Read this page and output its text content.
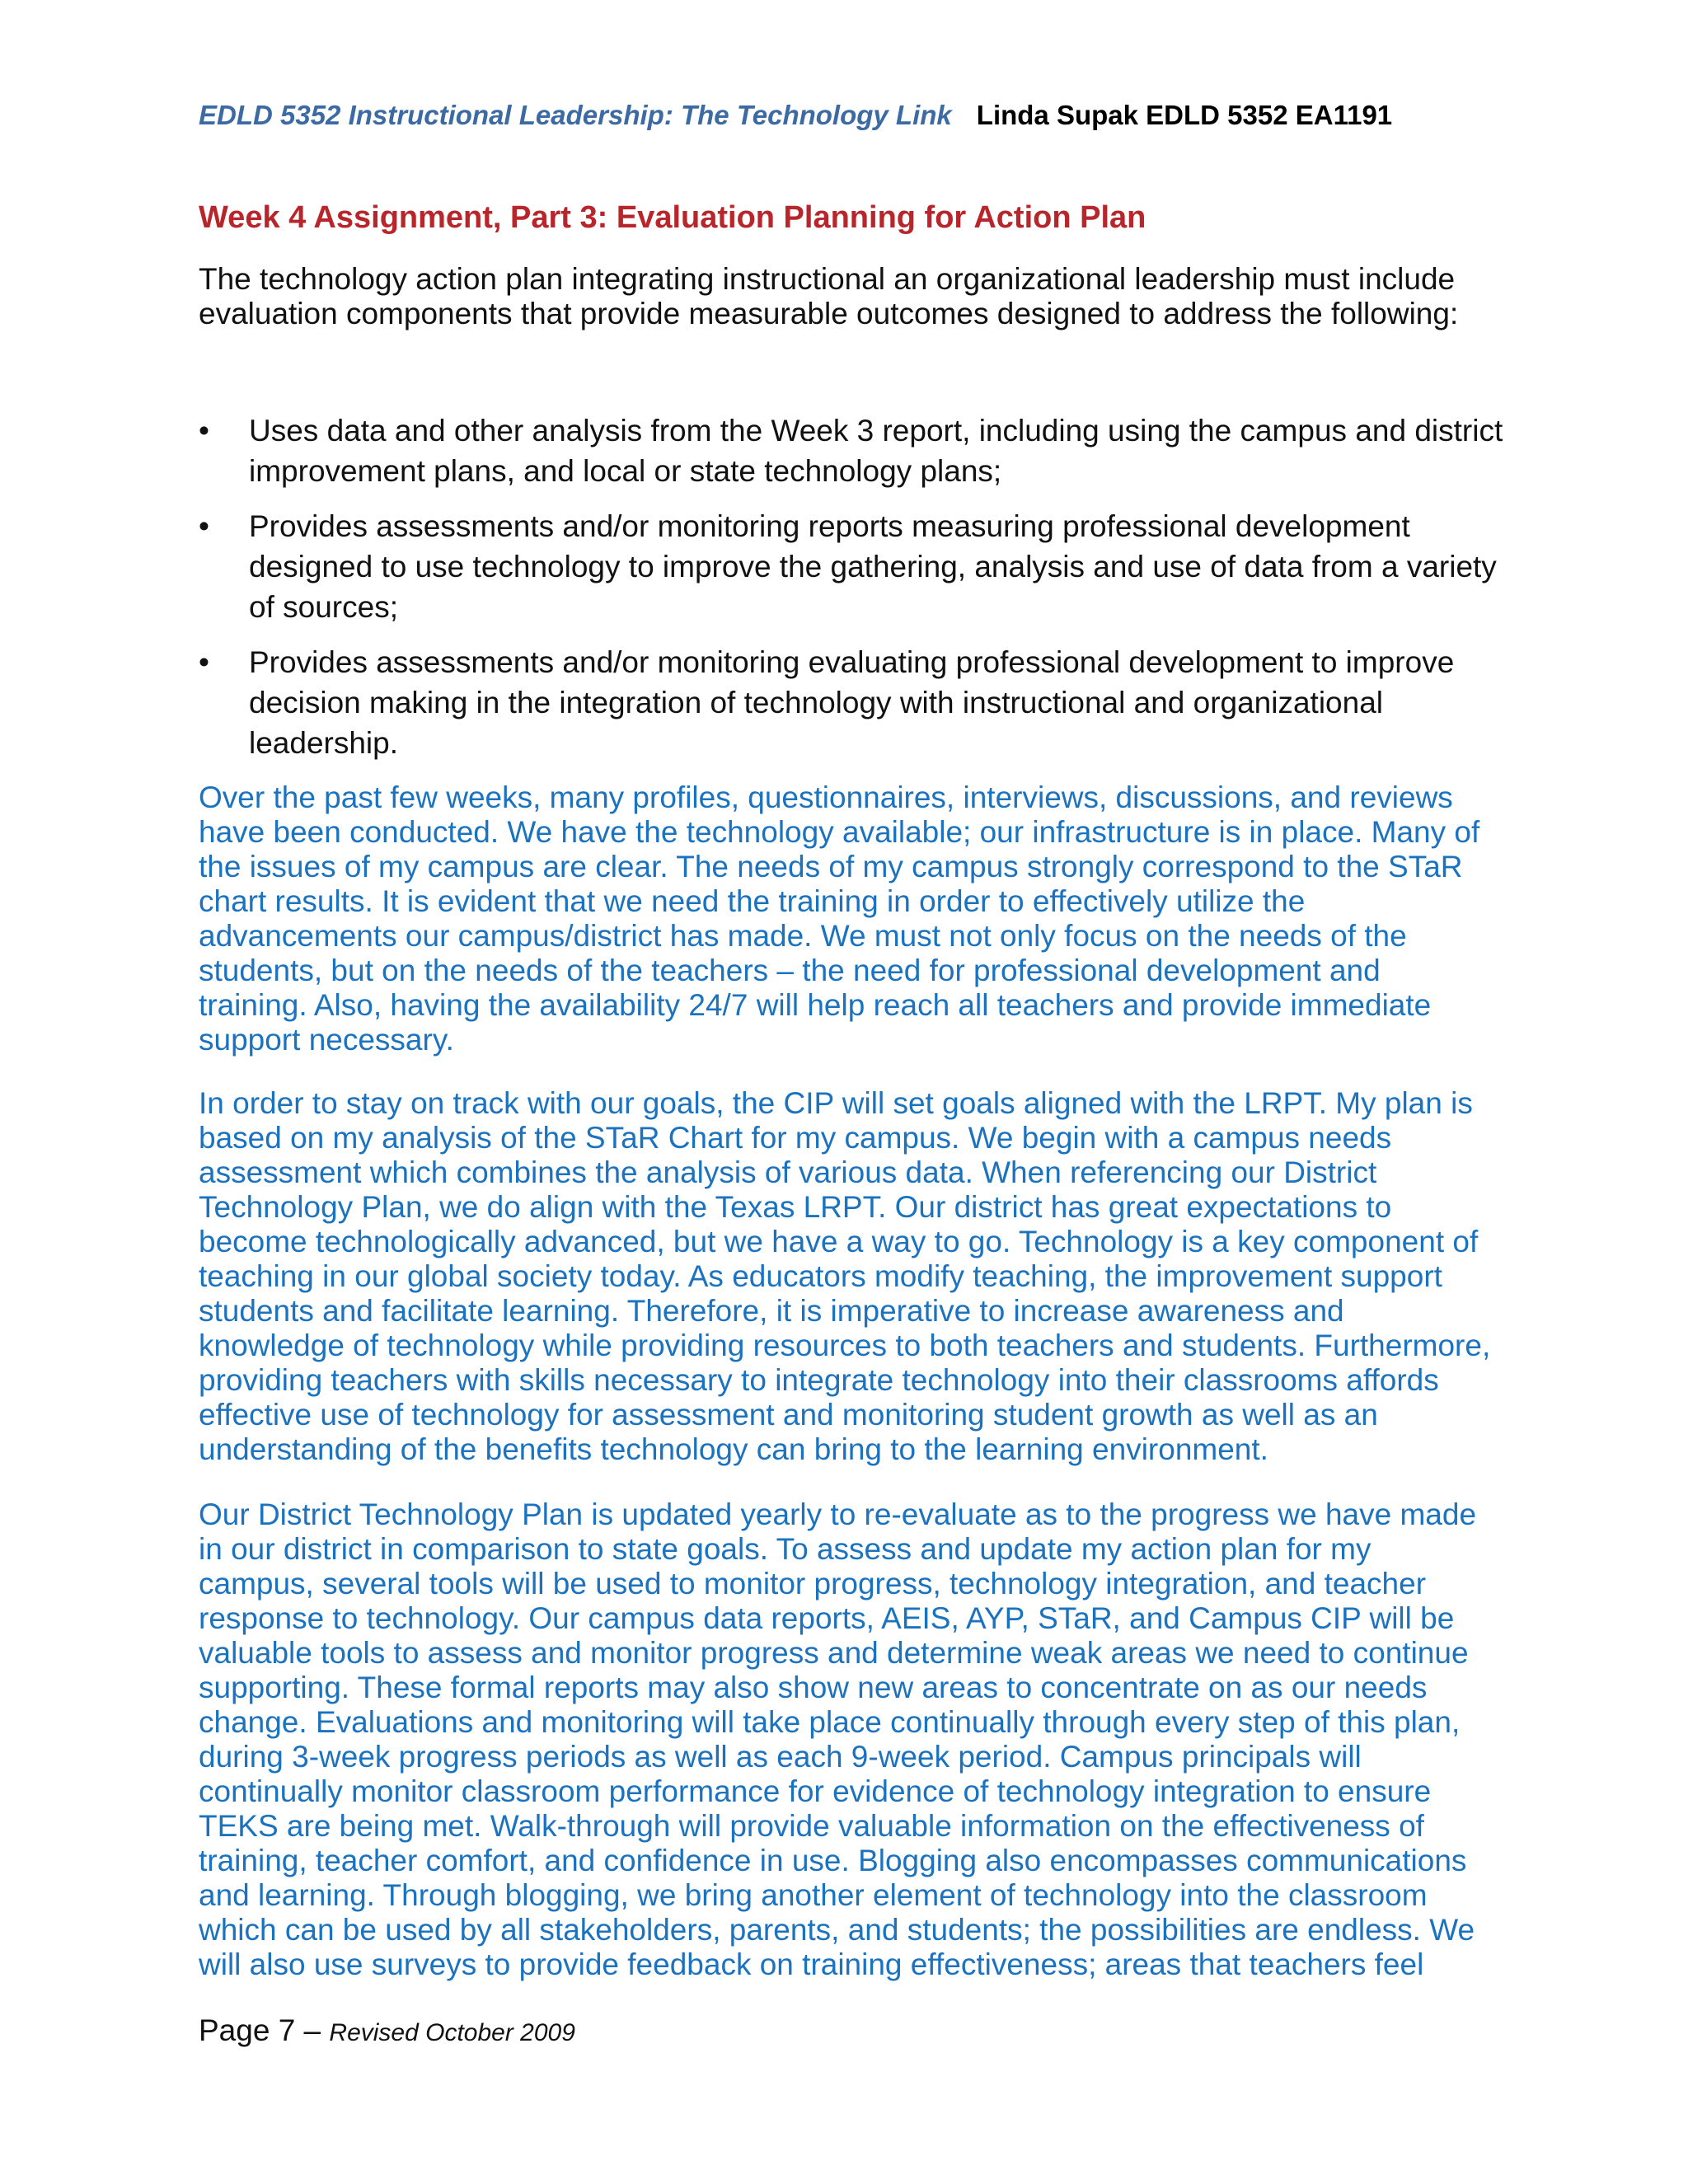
EDLD 5352 Instructional Leadership: The Technology Link Linda Supak EDLD 5352 EA1191
Week 4 Assignment, Part 3: Evaluation Planning for Action Plan

The technology action plan integrating instructional an organizational leadership must include evaluation components that provide measurable outcomes designed to address the following:

•	Uses data and other analysis from the Week 3 report, including using the campus and district improvement plans, and local or state technology plans;
•	Provides assessments and/or monitoring reports measuring professional development designed to use technology to improve the gathering, analysis and use of data from a variety of sources;
•	Provides assessments and/or monitoring evaluating professional development to improve decision making in the integration of technology with instructional and organizational leadership.

Over the past few weeks, many profiles, questionnaires, interviews, discussions, and reviews have been conducted. We have the technology available; our infrastructure is in place. Many of the issues of my campus are clear. The needs of my campus strongly correspond to the STaR chart results. It is evident that we need the training in order to effectively utilize the advancements our campus/district has made. We must not only focus on the needs of the students, but on the needs of the teachers – the need for professional development and training. Also, having the availability 24/7 will help reach all teachers and provide immediate support necessary.

In order to stay on track with our goals, the CIP will set goals aligned with the LRPT. My plan is based on my analysis of the STaR Chart for my campus. We begin with a campus needs assessment which combines the analysis of various data. When referencing our District Technology Plan, we do align with the Texas LRPT. Our district has great expectations to become technologically advanced, but we have a way to go. Technology is a key component of teaching in our global society today. As educators modify teaching, the improvement support students and facilitate learning. Therefore, it is imperative to increase awareness and knowledge of technology while providing resources to both teachers and students. Furthermore, providing teachers with skills necessary to integrate technology into their classrooms affords effective use of technology for assessment and monitoring student growth as well as an understanding of the benefits technology can bring to the learning environment.

Our District Technology Plan is updated yearly to re-evaluate as to the progress we have made in our district in comparison to state goals. To assess and update my action plan for my campus, several tools will be used to monitor progress, technology integration, and teacher response to technology. Our campus data reports, AEIS, AYP, STaR, and Campus CIP will be valuable tools to assess and monitor progress and determine weak areas we need to continue supporting. These formal reports may also show new areas to concentrate on as our needs change. Evaluations and monitoring will take place continually through every step of this plan, during 3-week progress periods as well as each 9-week period. Campus principals will continually monitor classroom performance for evidence of technology integration to ensure TEKS are being met. Walk-through will provide valuable information on the effectiveness of training, teacher comfort, and confidence in use. Blogging also encompasses communications and learning. Through blogging, we bring another element of technology into the classroom which can be used by all stakeholders, parents, and students; the possibilities are endless. We will also use surveys to provide feedback on training effectiveness; areas that teachers feel

Page 7 – Revised October 2009
